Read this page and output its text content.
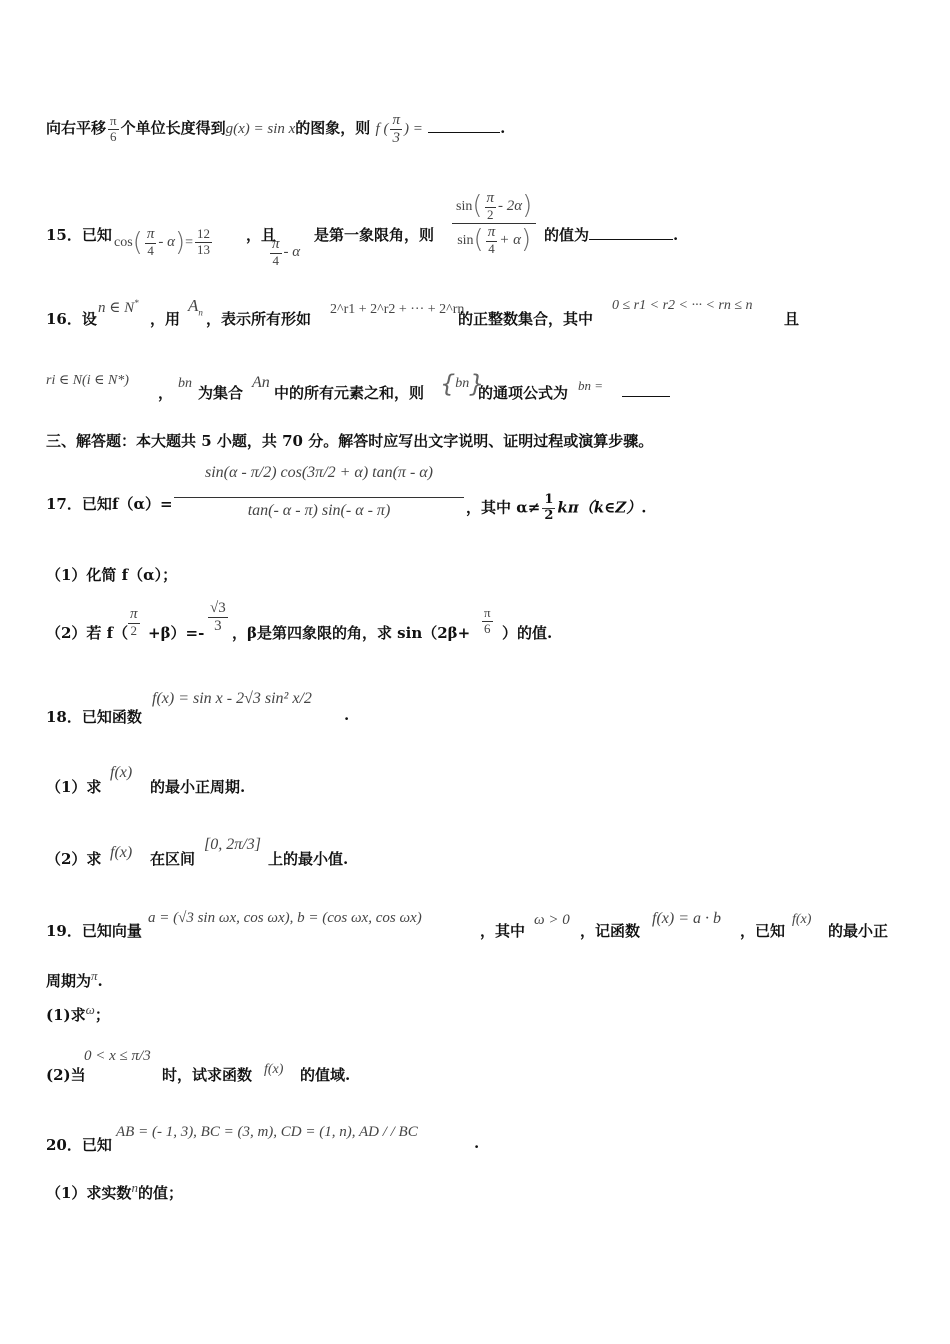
向右平移 $\frac{\pi}{6}$ 个单位长度得到g(x) = sin x的图象，则 f ( $\frac{\pi}{3}$ ) =	.
15．已知 $\cos( \frac{\pi}{4} - \alpha)= \frac{12}{13}$ ，且
$\frac{\pi}{4}$ - α
是第一象限角，则 $\frac{\sin( \frac{\pi}{2} - 2\alpha)}{\sin( \frac{\pi}{4} + \alpha)}$ 的值为	.
16．设
n ∈ N*
，用
$A_n$ ，表示所有形如
2^r1 + 2^r2 + ··· + 2^rn
的正整数集合，其中
0 ≤ r1 < r2 < ··· < rn ≤ n
且
ri ∈ N(i ∈ N*)
，
bn
为集合
An
中的所有元素之和，则 {bn}
的通项公式为 bn =
三、解答题：本大题共 5 小题，共 70 分。解答时应写出文字说明、证明过程或演算步骤。
17．已知 $f(\alpha)= \frac{\sin(\alpha - \pi/2) \cos(3\pi/2 + \alpha) \tan(\pi - \alpha)}{\tan(- \alpha - \pi) \sin(- \alpha - \pi)}$ ，其中 $\alpha\ne \frac{1}{2}$ kπ（k∈Z）.
（1）化简 f（α）；
（2）若 $f( \frac{\pi}{2} +\beta)=- \frac{√3}{3}$ ，β是第四象限的角，求 $\sin(2\beta+ \frac{\pi}{6}$ ）的值.
18．已知函数
f(x) = sin x - 2√3 sin² x/2
.
（1）求
f(x)
的最小正周期.
（2）求 f(x) 在区间
[0, 2π/3]
上的最小值.
19．已知向量
a = (√3 sin ωx, cos ωx), b = (cos ωx, cos ωx)
，其中
ω > 0
，记函数
f(x) = a · b
，已知
f(x)
的最小正
周期为π.
(1)求ω；
(2)当
0 < x ≤ π/3
时，试求函数 f(x) 的值域.
20．已知
AB = (- 1, 3), BC = (3, m), CD = (1, n), AD / / BC
.
（1）求实数n的值；
